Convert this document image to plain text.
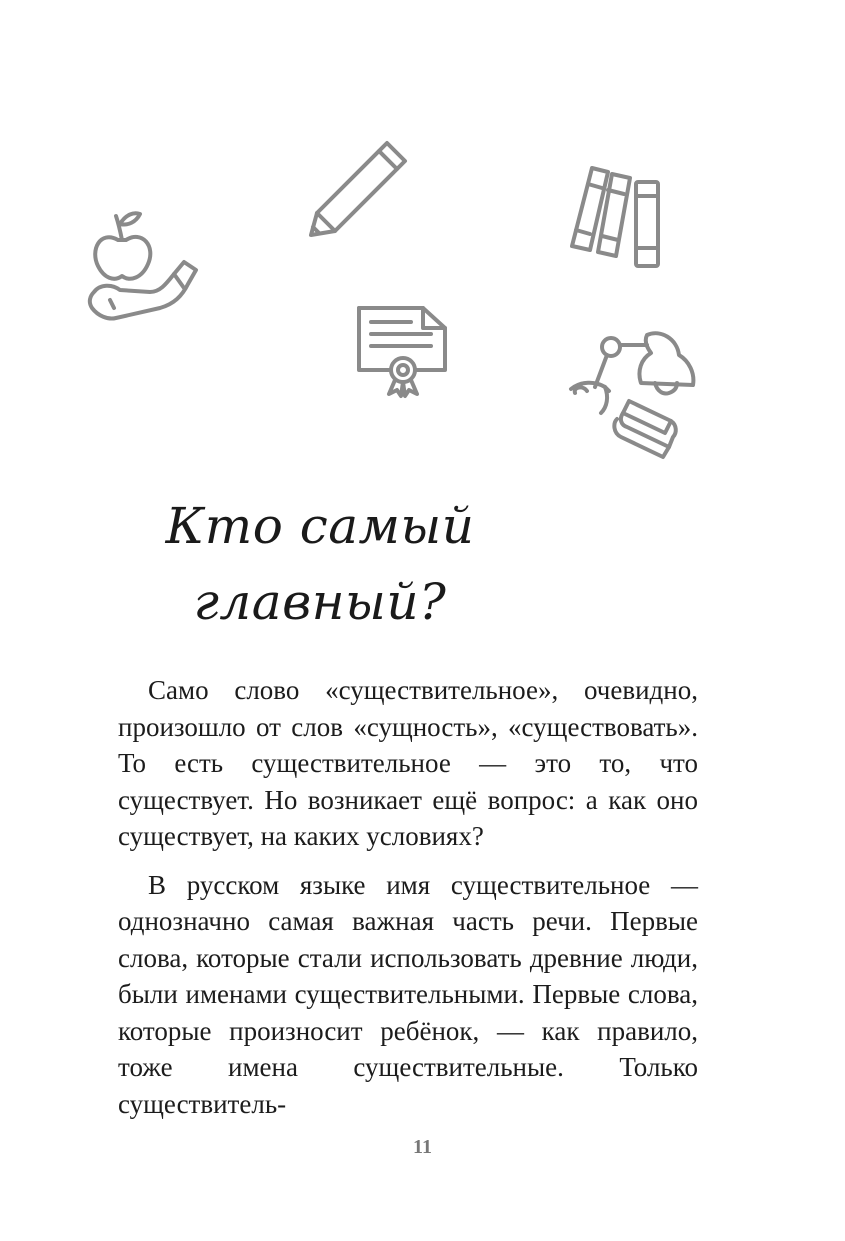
Кто самый
главный?

Само слово «существительное», очевидно, произошло от слов «сущность», «существовать». То есть существительное — это то, что существует. Но возникает ещё вопрос: а как оно существует, на каких условиях?

В русском языке имя существительное — однозначно самая важная часть речи. Первые слова, которые стали использовать древние люди, были именами существительными. Первые слова, которые произносит ребёнок, — как правило, тоже имена существительные. Только существитель-

11
